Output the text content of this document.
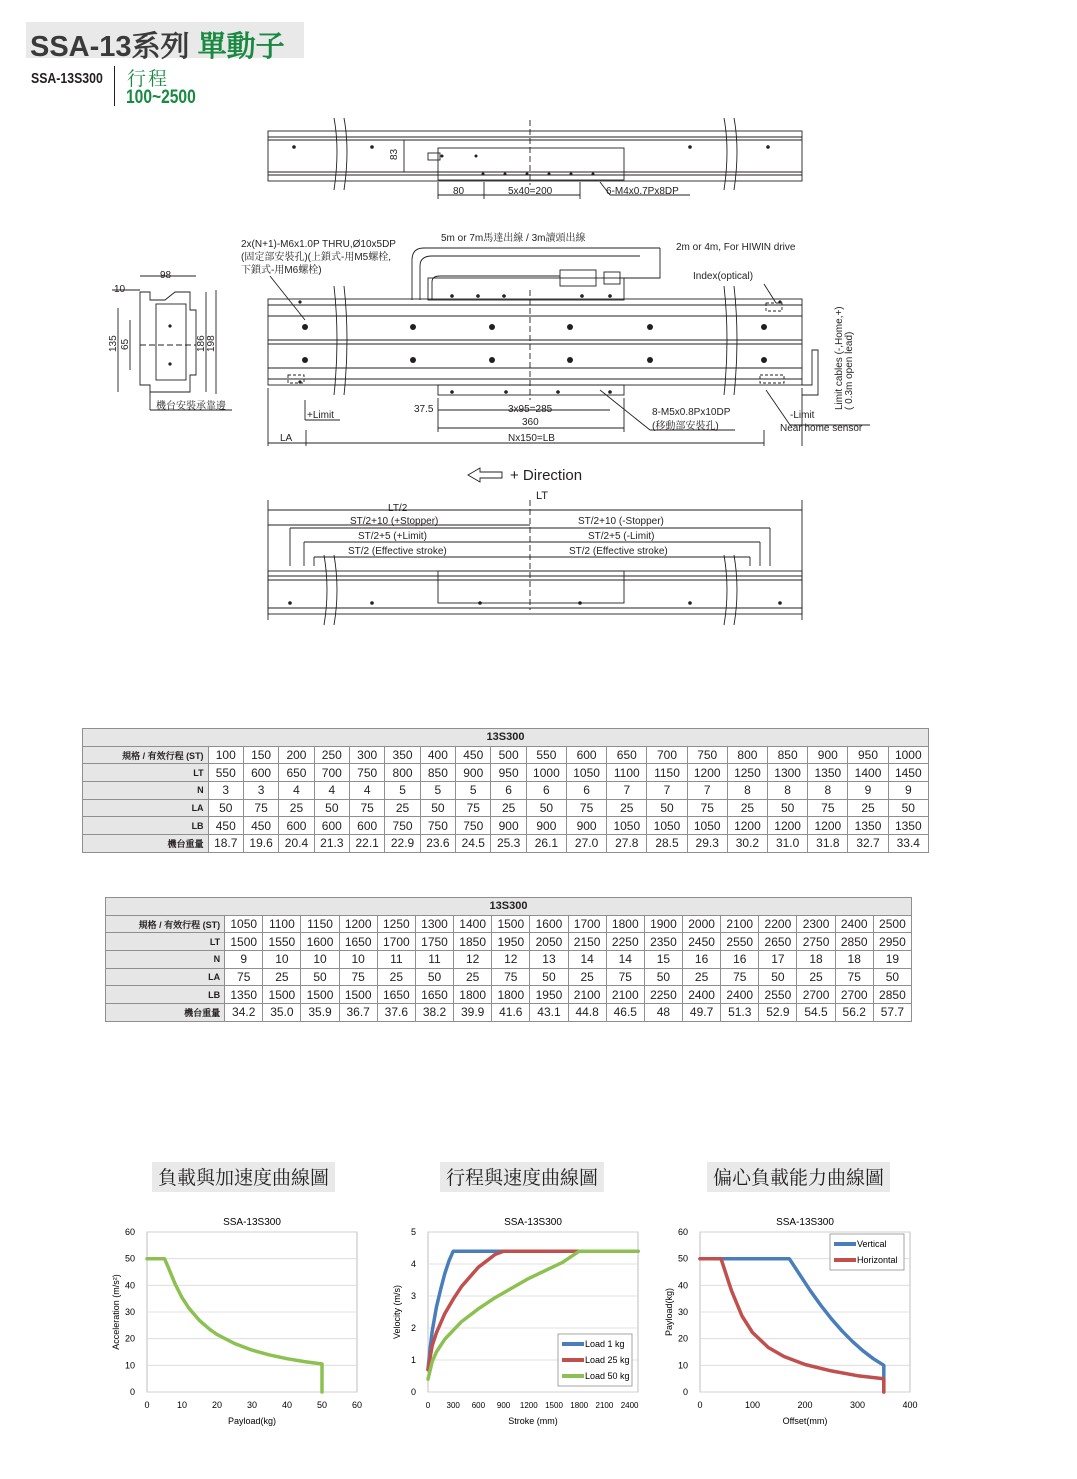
SSA-13系列 單動子
SSA-13S300 行程
100~2500
83
80	5x40=200	6-M4x0.7Px8DP
2x(N+1)-M6x1.0P THRU,Ø10x5DP
(固定部安裝孔)(上鎖式-用M5螺栓,
下鎖式-用M6螺栓)
5m or 7m馬達出線 / 3m讀頭出線
2m or 4m, For HIWIN drive
Index(optical)
Limit cables (-,Home,+) ( 0.3m open lead)
98
10
135 65	186 198
機台安裝承靠邊
+Limit	-Limit
Near home sensor
37.5	3x95=285
360
8-M5x0.8Px10DP
(移動部安裝孔)
LA	Nx150=LB
+ Direction
LT
LT/2
ST/2+10 (+Stopper)	ST/2+10 (-Stopper)
ST/2+5 (+Limit)	ST/2+5 (-Limit)
ST/2 (Effective stroke)	ST/2 (Effective stroke)
13S300																			
規格 / 有效行程 (ST)	100	150	200	250	300	350	400	450	500	550	600	650	700	750	800	850	900	950	1000
LT	550	600	650	700	750	800	850	900	950	1000	1050	1100	1150	1200	1250	1300	1350	1400	1450
N	3	3	4	4	4	5	5	5	6	6	6	7	7	7	8	8	8	9	9
LA	50	75	25	50	75	25	50	75	25	50	75	25	50	75	25	50	75	25	50
LB	450	450	600	600	600	750	750	750	900	900	900	1050	1050	1050	1200	1200	1200	1350	1350
機台重量	18.7	19.6	20.4	21.3	22.1	22.9	23.6	24.5	25.3	26.1	27.0	27.8	28.5	29.3	30.2	31.0	31.8	32.7	33.4
13S300																		
規格 / 有效行程 (ST)	1050	1100	1150	1200	1250	1300	1400	1500	1600	1700	1800	1900	2000	2100	2200	2300	2400	2500
LT	1500	1550	1600	1650	1700	1750	1850	1950	2050	2150	2250	2350	2450	2550	2650	2750	2850	2950
N	9	10	10	10	11	11	12	12	13	14	14	15	16	16	17	18	18	19
LA	75	25	50	75	25	50	25	75	50	25	75	50	25	75	50	25	75	50
LB	1350	1500	1500	1500	1650	1650	1800	1800	1950	2100	2100	2250	2400	2400	2550	2700	2700	2850
機台重量	34.2	35.0	35.9	36.7	37.6	38.2	39.9	41.6	43.1	44.8	46.5	48	49.7	51.3	52.9	54.5	56.2	57.7
負載與加速度曲線圖	行程與速度曲線圖	偏心負載能力曲線圖
0
10
20
30
40
50
60
0	10	20	30	40	50	60
SSA-13S300
Payload(kg)
Acceleration (m/s²)
0
1
2
3
4
5
0 300 600 900 1200 1500 1800 2100 2400
SSA-13S300
Stroke (mm)
Velocity (m/s)
Load 1 kg
Load 25 kg
Load 50 kg
0
10
20
30
40
50
60
0	100	200	300	400
SSA-13S300
Offset(mm)
Payload(kg)
Vertical
Horizontal
